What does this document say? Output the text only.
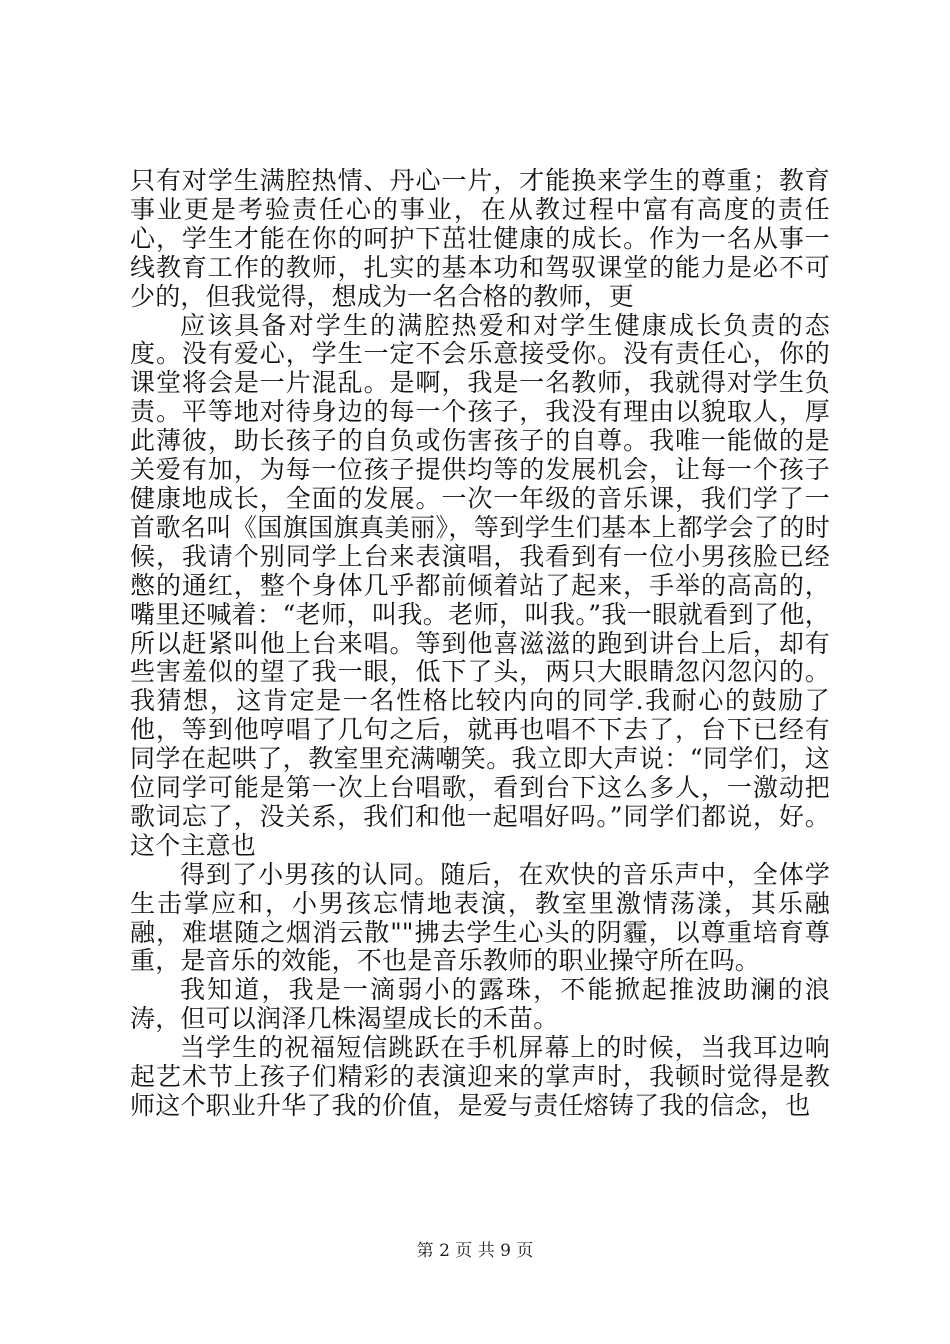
只有对学生满腔热情、丹心一片，才能换来学生的尊重；教育事业更是考验责任心的事业，在从教过程中富有高度的责任心，学生才能在你的呵护下茁壮健康的成长。作为一名从事一线教育工作的教师，扎实的基本功和驾驭课堂的能力是必不可少的，但我觉得，想成为一名合格的教师，更

应该具备对学生的满腔热爱和对学生健康成长负责的态度。没有爱心，学生一定不会乐意接受你。没有责任心，你的课堂将会是一片混乱。是啊，我是一名教师，我就得对学生负责。平等地对待身边的每一个孩子，我没有理由以貌取人，厚此薄彼，助长孩子的自负或伤害孩子的自尊。我唯一能做的是关爱有加，为每一位孩子提供均等的发展机会，让每一个孩子健康地成长，全面的发展。一次一年级的音乐课，我们学了一首歌名叫《国旗国旗真美丽》，等到学生们基本上都学会了的时候，我请个别同学上台来表演唱，我看到有一位小男孩脸已经憋的通红，整个身体几乎都前倾着站了起来，手举的高高的，嘴里还喊着：“老师，叫我。老师，叫我。”我一眼就看到了他，所以赶紧叫他上台来唱。等到他喜滋滋的跑到讲台上后，却有些害羞似的望了我一眼，低下了头，两只大眼睛忽闪忽闪的。我猜想，这肯定是一名性格比较内向的同学.我耐心的鼓励了他，等到他哼唱了几句之后，就再也唱不下去了，台下已经有同学在起哄了，教室里充满嘲笑。我立即大声说：“同学们，这位同学可能是第一次上台唱歌，看到台下这么多人，一激动把歌词忘了，没关系，我们和他一起唱好吗。”同学们都说，好。这个主意也

得到了小男孩的认同。随后，在欢快的音乐声中，全体学生击掌应和，小男孩忘情地表演，教室里激情荡漾，其乐融融，难堪随之烟消云散""拂去学生心头的阴霾，以尊重培育尊重，是音乐的效能，不也是音乐教师的职业操守所在吗。

我知道，我是一滴弱小的露珠，不能掀起推波助澜的浪涛，但可以润泽几株渴望成长的禾苗。

当学生的祝福短信跳跃在手机屏幕上的时候，当我耳边响起艺术节上孩子们精彩的表演迎来的掌声时，我顿时觉得是教师这个职业升华了我的价值，是爱与责任熔铸了我的信念，也

第 2 页 共 9 页
